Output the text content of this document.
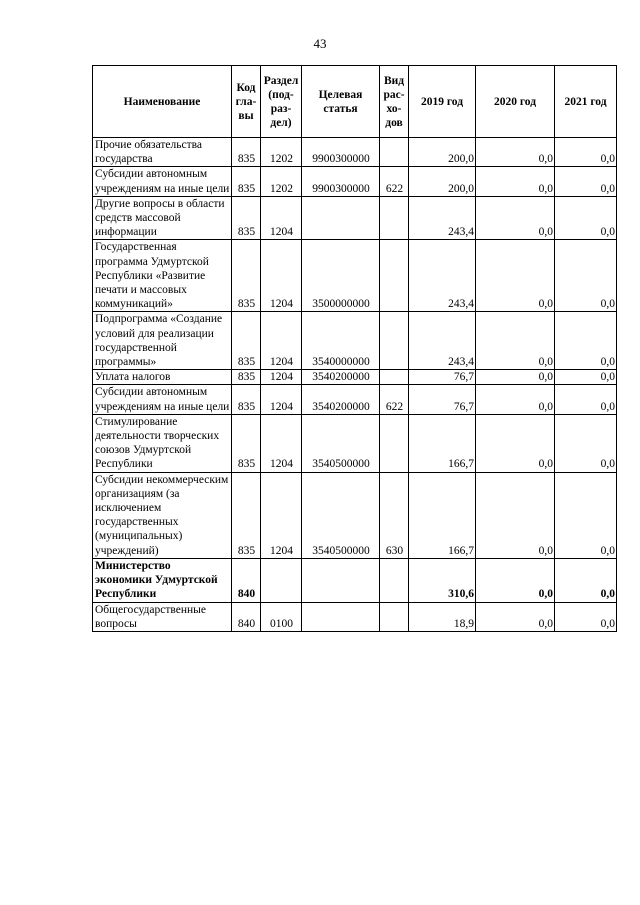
43
Наименование	Код гла- вы	Раздел (под- раз- дел)	Целевая статья	Вид рас- хо- дов	2019 год	2020 год	2021 год
Прочие обязательства государства	835	1202	9900300000		200,0	0,0	0,0
Субсидии автономным учреждениям на иные цели	835	1202	9900300000	622	200,0	0,0	0,0
Другие вопросы в области средств массовой информации	835	1204			243,4	0,0	0,0
Государственная программа Удмуртской Республики «Развитие печати и массовых коммуникаций»	835	1204	3500000000		243,4	0,0	0,0
Подпрограмма «Создание условий для реализации государственной программы»	835	1204	3540000000		243,4	0,0	0,0
Уплата налогов	835	1204	3540200000		76,7	0,0	0,0
Субсидии автономным учреждениям на иные цели	835	1204	3540200000	622	76,7	0,0	0,0
Стимулирование деятельности творческих союзов Удмуртской Республики	835	1204	3540500000		166,7	0,0	0,0
Субсидии некоммерческим организациям (за исключением государственных (муниципальных) учреждений)	835	1204	3540500000	630	166,7	0,0	0,0
Министерство экономики Удмуртской Республики	840				310,6	0,0	0,0
Общегосударственные вопросы	840	0100			18,9	0,0	0,0
